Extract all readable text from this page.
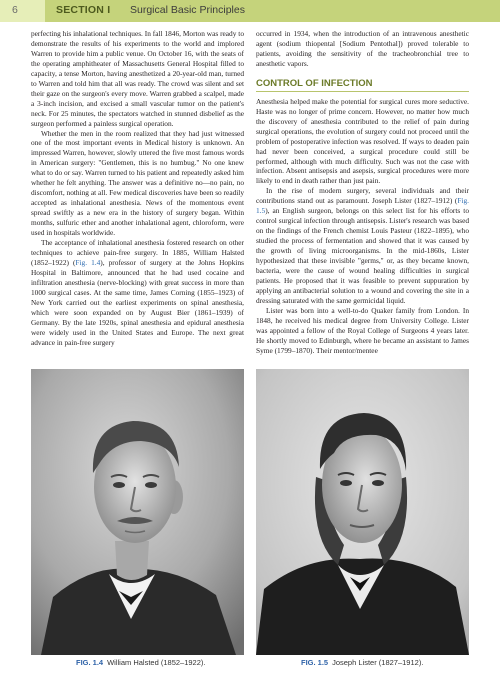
6	SECTION I Surgical Basic Principles

perfecting his inhalational techniques. In fall 1846, Morton was ready to demonstrate the results of his experiments to the world and implored Warren to provide him a public venue. On October 16, with the seats of the operating amphitheater of Massachusetts General Hospital filled to capacity, a tense Morton, having anesthetized a 20-year-old man, turned to Warren and told him that all was ready. The crowd was silent and set their gaze on the surgeon's every move. Warren grabbed a scalpel, made a 3-inch incision, and excised a small vascular tumor on the patient's neck. For 25 minutes, the spectators watched in stunned disbelief as the surgeon performed a painless surgical operation.

Whether the men in the room realized that they had just witnessed one of the most important events in Medical history is unknown. An impressed Warren, however, slowly uttered the five most famous words in American surgery: "Gentlemen, this is no humbug." No one knew what to do or say. Warren turned to his patient and repeatedly asked him whether he felt anything. The answer was a definitive no—no pain, no discomfort, nothing at all. Few medical discoveries have been so readily accepted as inhalational anesthesia. News of the momentous event spread swiftly as a new era in the history of surgery began. Within months, sulfuric ether and another inhalational agent, chloroform, were used in hospitals worldwide.

The acceptance of inhalational anesthesia fostered research on other techniques to achieve pain-free surgery. In 1885, William Halsted (1852–1922) (Fig. 1.4), professor of surgery at the Johns Hopkins Hospital in Baltimore, announced that he had used cocaine and infiltration anesthesia (nerve-blocking) with great success in more than 1000 surgical cases. At the same time, James Corning (1855–1923) of New York carried out the earliest experiments on spinal anesthesia, which were soon expanded on by August Bier (1861–1939) of Germany. By the late 1920s, spinal anesthesia and epidural anesthesia were widely used in the United States and Europe. The next great advance in pain-free surgery

occurred in 1934, when the introduction of an intravenous anesthetic agent (sodium thiopental [Sodium Pentothal]) proved tolerable to patients, avoiding the sensitivity of the tracheobronchial tree to anesthetic vapors.

CONTROL OF INFECTION

Anesthesia helped make the potential for surgical cures more seductive. Haste was no longer of prime concern. However, no matter how much the discovery of anesthesia contributed to the relief of pain during surgical operations, the evolution of surgery could not proceed until the problem of postoperative infection was resolved. If ways to deaden pain had never been conceived, a surgical procedure could still be performed, although with much difficulty. Such was not the case with infection. Absent antisepsis and asepsis, surgical procedures were more likely to end in death rather than just pain.

In the rise of modern surgery, several individuals and their contributions stand out as paramount. Joseph Lister (1827–1912) (Fig. 1.5), an English surgeon, belongs on this select list for his efforts to control surgical infection through antisepsis. Lister's research was based on the findings of the French chemist Louis Pasteur (1822–1895), who studied the process of fermentation and showed that it was caused by the growth of living microorganisms. In the mid-1860s, Lister hypothesized that these invisible "germs," or, as they became known, bacteria, were the cause of wound healing difficulties in surgical patients. He proposed that it was feasible to prevent suppuration by applying an antibacterial solution to a wound and covering the site in a dressing saturated with the same germicidal liquid.

Lister was born into a well-to-do Quaker family from London. In 1848, he received his medical degree from University College. Lister was appointed a fellow of the Royal College of Surgeons 4 years later. He shortly moved to Edinburgh, where he became an assistant to James Syme (1799–1870). Their mentor/mentee

FIG. 1.4 William Halsted (1852–1922).	FIG. 1.5 Joseph Lister (1827–1912).
